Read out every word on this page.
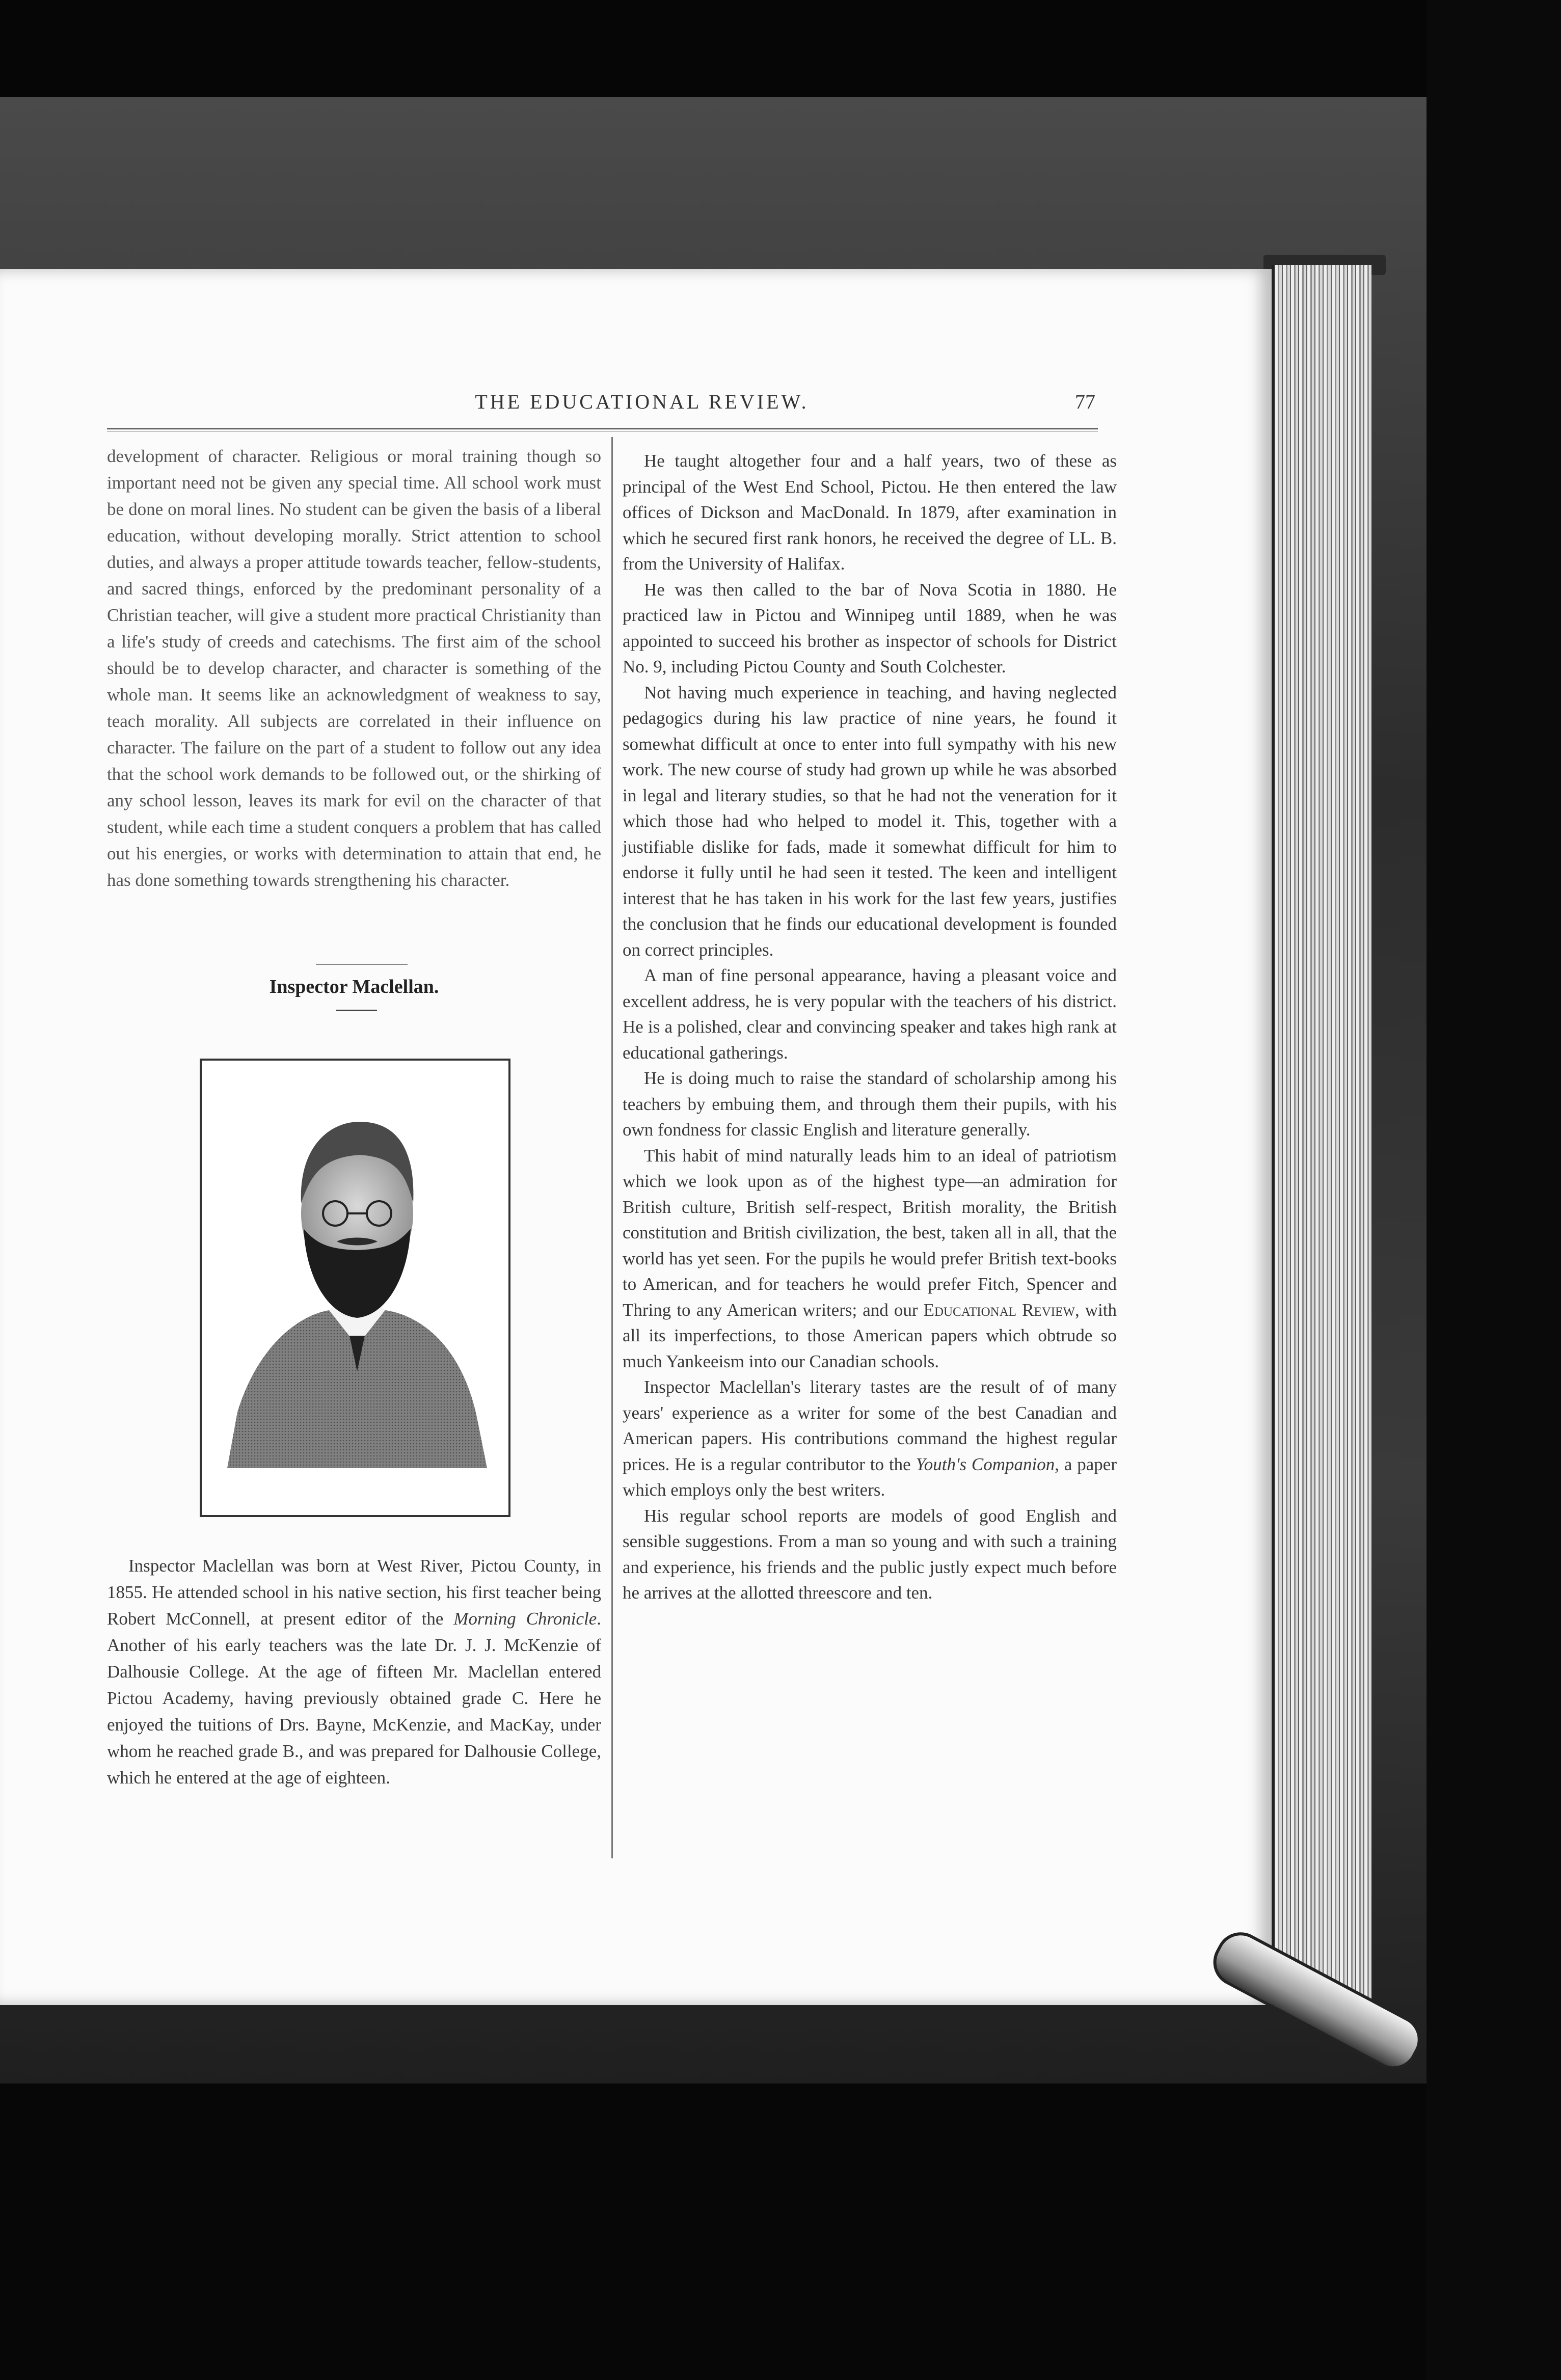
THE EDUCATIONAL REVIEW.	77

development of character. Religious or moral training though so important need not be given any special time. All school work must be done on moral lines. No student can be given the basis of a liberal education, without developing morally. Strict attention to school duties, and always a proper attitude towards teacher, fellow-students, and sacred things, enforced by the predominant personality of a Christian teacher, will give a student more practical Christianity than a life's study of creeds and catechisms. The first aim of the school should be to develop character, and character is something of the whole man. It seems like an acknowledgment of weakness to say, teach morality. All subjects are correlated in their influence on character. The failure on the part of a student to follow out any idea that the school work demands to be followed out, or the shirking of any school lesson, leaves its mark for evil on the character of that student, while each time a student conquers a problem that has called out his energies, or works with determination to attain that end, he has done something towards strengthening his character.

Inspector Maclellan.

Inspector Maclellan was born at West River, Pictou County, in 1855. He attended school in his native section, his first teacher being Robert McConnell, at present editor of the Morning Chronicle. Another of his early teachers was the late Dr. J. J. McKenzie of Dalhousie College. At the age of fifteen Mr. Maclellan entered Pictou Academy, having previously obtained grade C. Here he enjoyed the tuitions of Drs. Bayne, McKenzie, and MacKay, under whom he reached grade B., and was prepared for Dalhousie College, which he entered at the age of eighteen.

He taught altogether four and a half years, two of these as principal of the West End School, Pictou. He then entered the law offices of Dickson and MacDonald. In 1879, after examination in which he secured first rank honors, he received the degree of LL. B. from the University of Halifax.

He was then called to the bar of Nova Scotia in 1880. He practiced law in Pictou and Winnipeg until 1889, when he was appointed to succeed his brother as inspector of schools for District No. 9, including Pictou County and South Colchester.

Not having much experience in teaching, and having neglected pedagogics during his law practice of nine years, he found it somewhat difficult at once to enter into full sympathy with his new work. The new course of study had grown up while he was absorbed in legal and literary studies, so that he had not the veneration for it which those had who helped to model it. This, together with a justifiable dislike for fads, made it somewhat difficult for him to endorse it fully until he had seen it tested. The keen and intelligent interest that he has taken in his work for the last few years, justifies the conclusion that he finds our educational development is founded on correct principles.

A man of fine personal appearance, having a pleasant voice and excellent address, he is very popular with the teachers of his district. He is a polished, clear and convincing speaker and takes high rank at educational gatherings.

He is doing much to raise the standard of scholarship among his teachers by embuing them, and through them their pupils, with his own fondness for classic English and literature generally.

This habit of mind naturally leads him to an ideal of patriotism which we look upon as of the highest type—an admiration for British culture, British self-respect, British morality, the British constitution and British civilization, the best, taken all in all, that the world has yet seen. For the pupils he would prefer British text-books to American, and for teachers he would prefer Fitch, Spencer and Thring to any American writers; and our Educational Review, with all its imperfections, to those American papers which obtrude so much Yankeeism into our Canadian schools.

Inspector Maclellan's literary tastes are the result of of many years' experience as a writer for some of the best Canadian and American papers. His contributions command the highest regular prices. He is a regular contributor to the Youth's Companion, a paper which employs only the best writers.

His regular school reports are models of good English and sensible suggestions. From a man so young and with such a training and experience, his friends and the public justly expect much before he arrives at the allotted threescore and ten.
